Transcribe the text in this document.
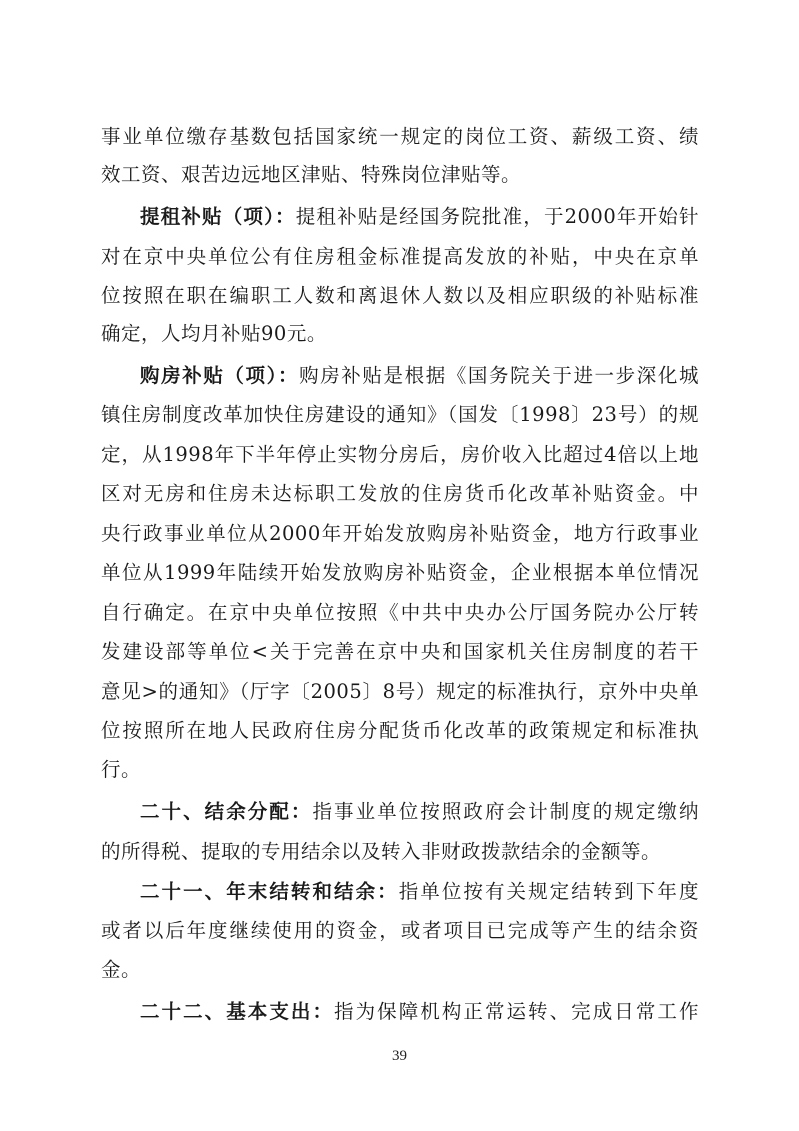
事业单位缴存基数包括国家统一规定的岗位工资、薪级工资、绩
效工资、艰苦边远地区津贴、特殊岗位津贴等。
提租补贴（项）：提租补贴是经国务院批准，于2000年开始针
对在京中央单位公有住房租金标准提高发放的补贴，中央在京单
位按照在职在编职工人数和离退休人数以及相应职级的补贴标准
确定，人均月补贴90元。
购房补贴（项）：购房补贴是根据《国务院关于进一步深化城
镇住房制度改革加快住房建设的通知》（国发〔1998〕23号）的规
定，从1998年下半年停止实物分房后，房价收入比超过4倍以上地
区对无房和住房未达标职工发放的住房货币化改革补贴资金。中
央行政事业单位从2000年开始发放购房补贴资金，地方行政事业
单位从1999年陆续开始发放购房补贴资金，企业根据本单位情况
自行确定。在京中央单位按照《中共中央办公厅国务院办公厅转
发建设部等单位<关于完善在京中央和国家机关住房制度的若干
意见>的通知》（厅字〔2005〕8号）规定的标准执行，京外中央单
位按照所在地人民政府住房分配货币化改革的政策规定和标准执
行。
二十、结余分配：指事业单位按照政府会计制度的规定缴纳
的所得税、提取的专用结余以及转入非财政拨款结余的金额等。
二十一、年末结转和结余：指单位按有关规定结转到下年度
或者以后年度继续使用的资金，或者项目已完成等产生的结余资
金。
二十二、基本支出：指为保障机构正常运转、完成日常工作
39
